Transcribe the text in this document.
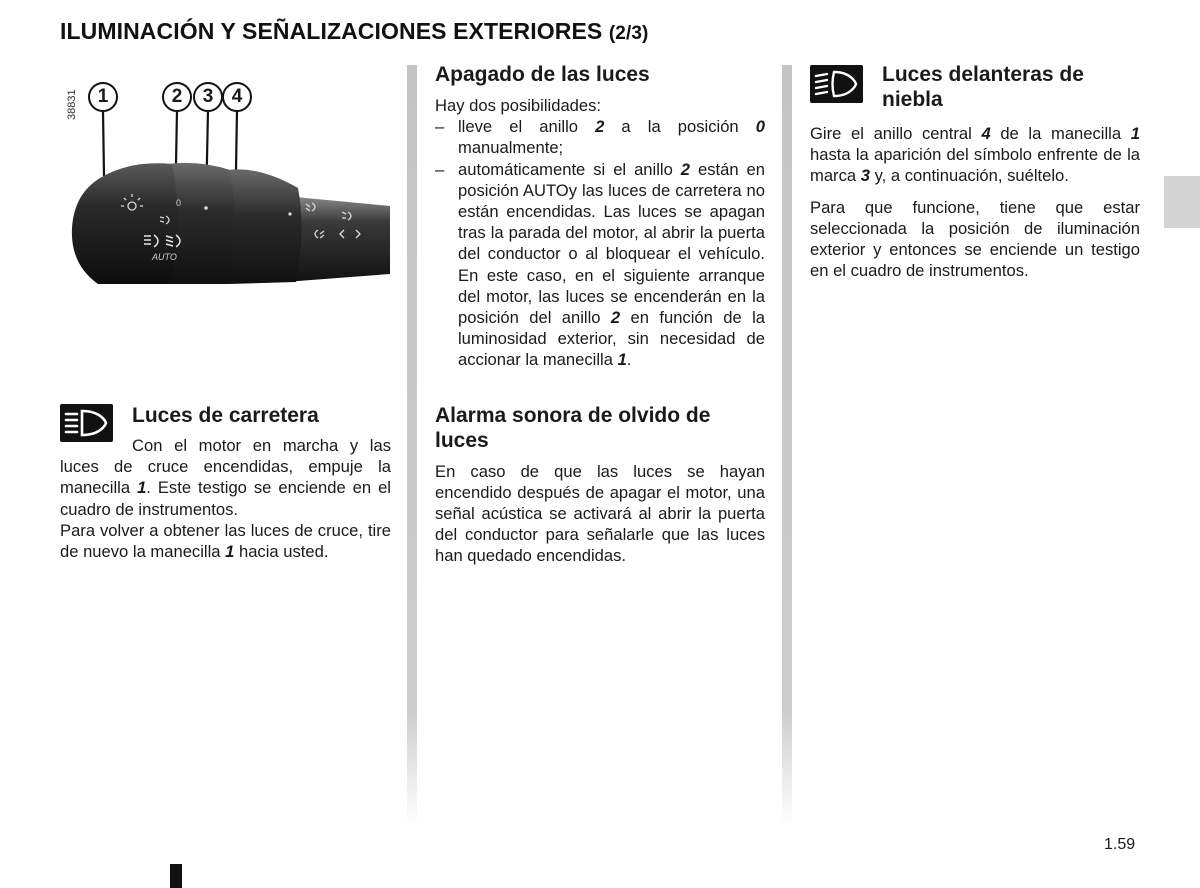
ILUMINACIÓN Y SEÑALIZACIONES EXTERIORES (2/3)
38831	1	2	3 4
AUTO
0
Luces de carretera

Con el motor en marcha y las luces de cruce encendidas, empuje la manecilla 1. Este testigo se enciende en el cuadro de instrumentos.

Para volver a obtener las luces de cruce, tire de nuevo la manecilla 1 hacia usted.

Apagado de las luces

Hay dos posibilidades:

– lleve el anillo 2 a la posición 0 manualmente;
– automáticamente si el anillo 2 están en posición AUTOy las luces de carretera no están encendidas. Las luces se apagan tras la parada del motor, al abrir la puerta del conductor o al bloquear el vehículo. En este caso, en el siguiente arranque del motor, las luces se encenderán en la posición del anillo 2 en función de la luminosidad exterior, sin necesidad de accionar la manecilla 1.
Alarma sonora de olvido de luces

En caso de que las luces se hayan encendido después de apagar el motor, una señal acústica se activará al abrir la puerta del conductor para señalarle que las luces han quedado encendidas.

Luces delanteras de niebla

Gire el anillo central 4 de la manecilla 1 hasta la aparición del símbolo enfrente de la marca 3 y, a continuación, suéltelo.

Para que funcione, tiene que estar seleccionada la posición de iluminación exterior y entonces se enciende un testigo en el cuadro de instrumentos.

1.59
